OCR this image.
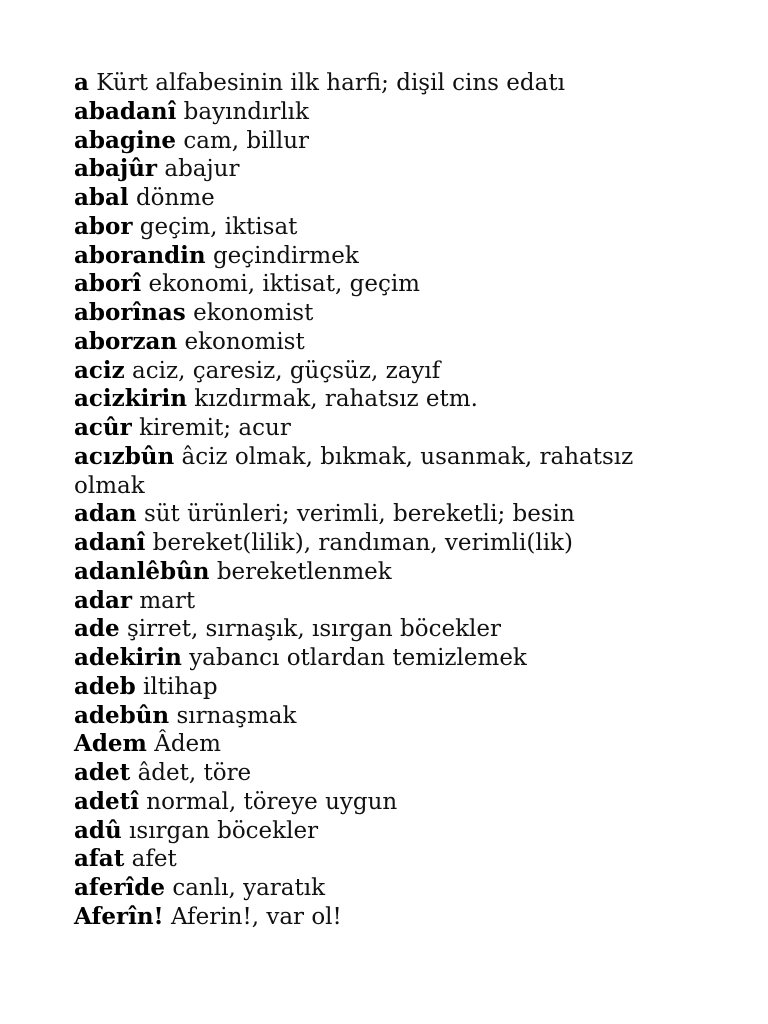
a Kürt alfabesinin ilk harfi; dişil cins edatı
abadanî bayındırlık
abagine cam, billur
abajûr abajur
abal dönme
abor geçim, iktisat
aborandin geçindirmek
aborî ekonomi, iktisat, geçim
aborînas ekonomist
aborzan ekonomist
aciz aciz, çaresiz, güçsüz, zayıf
acizkirin kızdırmak, rahatsız etm.
acûr kiremit; acur
acızbûn âciz olmak, bıkmak, usanmak, rahatsız olmak
adan süt ürünleri; verimli, bereketli; besin
adanî bereket(lilik), randıman, verimli(lik)
adanlêbûn bereketlenmek
adar mart
ade şirret, sırnaşık, ısırgan böcekler
adekirin yabancı otlardan temizlemek
adeb iltihap
adebûn sırnaşmak
Adem Âdem
adet âdet, töre
adetî normal, töreye uygun
adû ısırgan böcekler
afat afet
aferîde canlı, yaratık
Aferîn! Aferin!, var ol!
